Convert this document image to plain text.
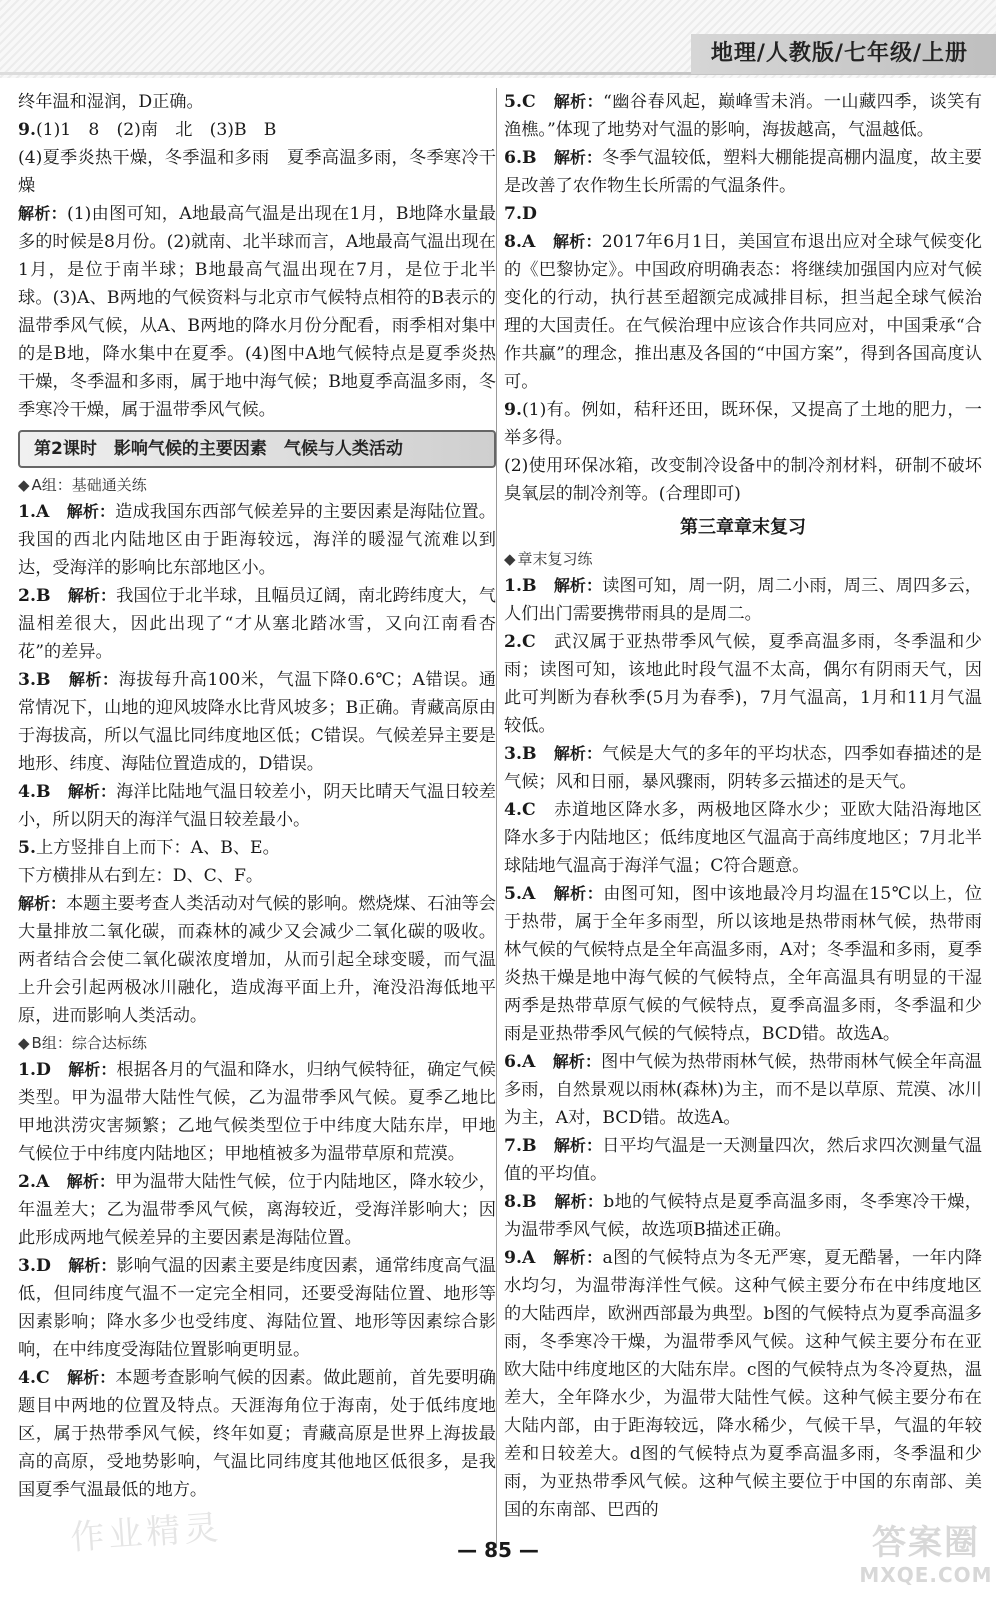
地理/人教版/七年级/上册

终年温和湿润，D正确。

9.(1)1　8　(2)南　北　(3)B　B

(4)夏季炎热干燥，冬季温和多雨　夏季高温多雨，冬季寒冷干燥

解析：(1)由图可知，A地最高气温是出现在1月，B地降水量最多的时候是8月份。(2)就南、北半球而言，A地最高气温出现在1月，是位于南半球；B地最高气温出现在7月，是位于北半球。(3)A、B两地的气候资料与北京市气候特点相符的B表示的温带季风气候，从A、B两地的降水月份分配看，雨季相对集中的是B地，降水集中在夏季。(4)图中A地气候特点是夏季炎热干燥，冬季温和多雨，属于地中海气候；B地夏季高温多雨，冬季寒冷干燥，属于温带季风气候。

第2课时　影响气候的主要因素　气候与人类活动
◆ A组：基础通关练

1.A　解析：造成我国东西部气候差异的主要因素是海陆位置。我国的西北内陆地区由于距海较远，海洋的暖湿气流难以到达，受海洋的影响比东部地区小。

2.B　解析：我国位于北半球，且幅员辽阔，南北跨纬度大，气温相差很大，因此出现了“才从塞北踏冰雪，又向江南看杏花”的差异。

3.B　解析：海拔每升高100米，气温下降0.6℃；A错误。通常情况下，山地的迎风坡降水比背风坡多；B正确。青藏高原由于海拔高，所以气温比同纬度地区低；C错误。气候差异主要是地形、纬度、海陆位置造成的，D错误。

4.B　解析：海洋比陆地气温日较差小，阴天比晴天气温日较差小，所以阴天的海洋气温日较差最小。

5.上方竖排自上而下：A、B、E。

下方横排从右到左：D、C、F。

解析：本题主要考查人类活动对气候的影响。燃烧煤、石油等会大量排放二氧化碳，而森林的减少又会减少二氧化碳的吸收。两者结合会使二氧化碳浓度增加，从而引起全球变暖，而气温上升会引起两极冰川融化，造成海平面上升，淹没沿海低地平原，进而影响人类活动。

◆ B组：综合达标练

1.D　解析：根据各月的气温和降水，归纳气候特征，确定气候类型。甲为温带大陆性气候，乙为温带季风气候。夏季乙地比甲地洪涝灾害频繁；乙地气候类型位于中纬度大陆东岸，甲地气候位于中纬度内陆地区；甲地植被多为温带草原和荒漠。

2.A　解析：甲为温带大陆性气候，位于内陆地区，降水较少，年温差大；乙为温带季风气候，离海较近，受海洋影响大；因此形成两地气候差异的主要因素是海陆位置。

3.D　解析：影响气温的因素主要是纬度因素，通常纬度高气温低，但同纬度气温不一定完全相同，还要受海陆位置、地形等因素影响；降水多少也受纬度、海陆位置、地形等因素综合影响，在中纬度受海陆位置影响更明显。

4.C　解析：本题考查影响气候的因素。做此题前，首先要明确题目中两地的位置及特点。天涯海角位于海南，处于低纬度地区，属于热带季风气候，终年如夏；青藏高原是世界上海拔最高的高原，受地势影响，气温比同纬度其他地区低很多，是我国夏季气温最低的地方。

5.C　解析：“幽谷春风起，巅峰雪未消。一山藏四季，谈笑有渔樵。”体现了地势对气温的影响，海拔越高，气温越低。

6.B　解析：冬季气温较低，塑料大棚能提高棚内温度，故主要是改善了农作物生长所需的气温条件。

7.D　

8.A　解析：2017年6月1日，美国宣布退出应对全球气候变化的《巴黎协定》。中国政府明确表态：将继续加强国内应对气候变化的行动，执行甚至超额完成减排目标，担当起全球气候治理的大国责任。在气候治理中应该合作共同应对，中国秉承“合作共赢”的理念，推出惠及各国的“中国方案”，得到各国高度认可。

9.(1)有。例如，秸秆还田，既环保，又提高了土地的肥力，一举多得。

(2)使用环保冰箱，改变制冷设备中的制冷剂材料，研制不破坏臭氧层的制冷剂等。(合理即可)

第三章章末复习
◆ 章末复习练

1.B　解析：读图可知，周一阴，周二小雨，周三、周四多云，人们出门需要携带雨具的是周二。

2.C　武汉属于亚热带季风气候，夏季高温多雨，冬季温和少雨；读图可知，该地此时段气温不太高，偶尔有阴雨天气，因此可判断为春秋季(5月为春季)，7月气温高，1月和11月气温较低。

3.B　解析：气候是大气的多年的平均状态，四季如春描述的是气候；风和日丽，暴风骤雨，阴转多云描述的是天气。

4.C　赤道地区降水多，两极地区降水少；亚欧大陆沿海地区降水多于内陆地区；低纬度地区气温高于高纬度地区；7月北半球陆地气温高于海洋气温；C符合题意。

5.A　解析：由图可知，图中该地最冷月均温在15℃以上，位于热带，属于全年多雨型，所以该地是热带雨林气候，热带雨林气候的气候特点是全年高温多雨，A对；冬季温和多雨，夏季炎热干燥是地中海气候的气候特点，全年高温具有明显的干湿两季是热带草原气候的气候特点，夏季高温多雨，冬季温和少雨是亚热带季风气候的气候特点，BCD错。故选A。

6.A　解析：图中气候为热带雨林气候，热带雨林气候全年高温多雨，自然景观以雨林(森林)为主，而不是以草原、荒漠、冰川为主，A对，BCD错。故选A。

7.B　解析：日平均气温是一天测量四次，然后求四次测量气温值的平均值。

8.B　解析：b地的气候特点是夏季高温多雨，冬季寒冷干燥，为温带季风气候，故选项B描述正确。

9.A　解析：a图的气候特点为冬无严寒，夏无酷暑，一年内降水均匀，为温带海洋性气候。这种气候主要分布在中纬度地区的大陆西岸，欧洲西部最为典型。b图的气候特点为夏季高温多雨，冬季寒冷干燥，为温带季风气候。这种气候主要分布在亚欧大陆中纬度地区的大陆东岸。c图的气候特点为冬冷夏热，温差大，全年降水少，为温带大陆性气候。这种气候主要分布在大陆内部，由于距海较远，降水稀少，气候干旱，气温的年较差和日较差大。d图的气候特点为夏季高温多雨，冬季温和少雨，为亚热带季风气候。这种气候主要位于中国的东南部、美国的东南部、巴西的

作业精灵	— 85 —	答案圈
MXQE.COM
